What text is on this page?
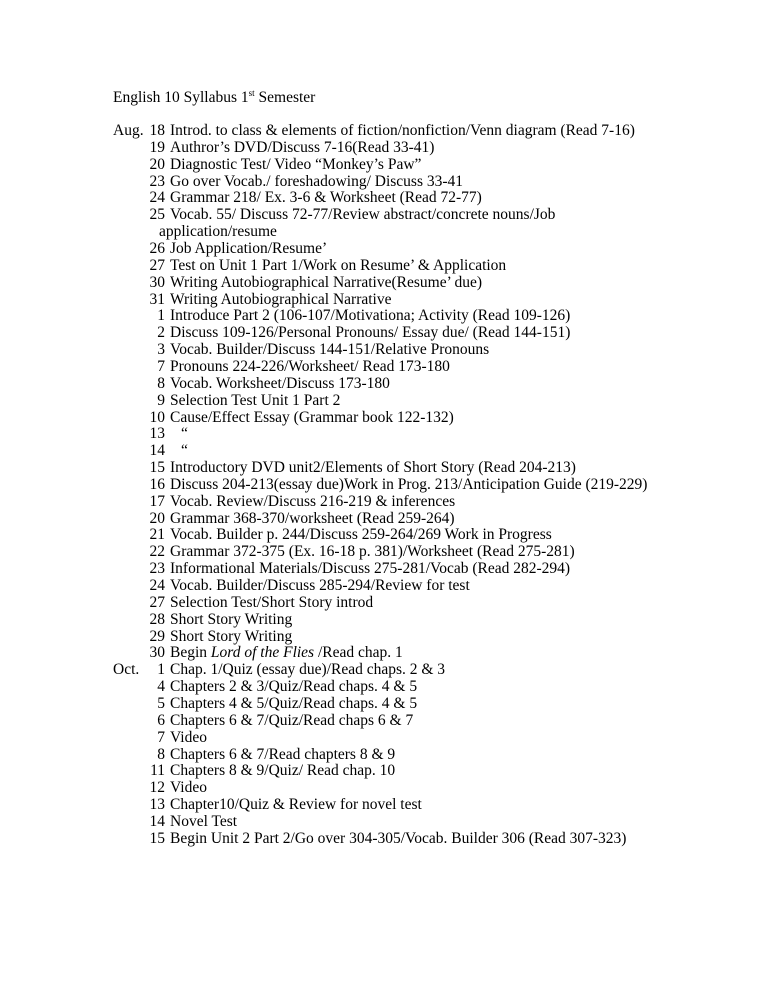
English 10 Syllabus 1st Semester
Aug. 18 Introd. to class & elements of fiction/nonfiction/Venn diagram (Read 7-16)
19 Authror’s DVD/Discuss 7-16(Read 33-41)
20 Diagnostic Test/ Video “Monkey’s Paw”
23 Go over Vocab./ foreshadowing/ Discuss 33-41
24 Grammar 218/ Ex. 3-6 & Worksheet (Read 72-77)
25 Vocab. 55/ Discuss 72-77/Review abstract/concrete nouns/Job
application/resume
26 Job Application/Resume’
27 Test on Unit 1 Part 1/Work on Resume’ & Application
30 Writing Autobiographical Narrative(Resume’ due)
31 Writing Autobiographical Narrative
1 Introduce Part 2 (106-107/Motivationa; Activity (Read 109-126)
2 Discuss 109-126/Personal Pronouns/ Essay due/ (Read 144-151)
3 Vocab. Builder/Discuss 144-151/Relative Pronouns
7 Pronouns 224-226/Worksheet/ Read 173-180
8 Vocab. Worksheet/Discuss 173-180
9 Selection Test Unit 1 Part 2
10 Cause/Effect Essay (Grammar book 122-132)
13 “
14 “
15 Introductory DVD unit2/Elements of Short Story (Read 204-213)
16 Discuss 204-213(essay due)Work in Prog. 213/Anticipation Guide (219-229)
17 Vocab. Review/Discuss 216-219 & inferences
20 Grammar 368-370/worksheet (Read 259-264)
21 Vocab. Builder p. 244/Discuss 259-264/269 Work in Progress
22 Grammar 372-375 (Ex. 16-18 p. 381)/Worksheet (Read 275-281)
23 Informational Materials/Discuss 275-281/Vocab (Read 282-294)
24 Vocab. Builder/Discuss 285-294/Review for test
27 Selection Test/Short Story introd
28 Short Story Writing
29 Short Story Writing
30 Begin Lord of the Flies /Read chap. 1
Oct.	1 Chap. 1/Quiz (essay due)/Read chaps. 2 & 3
4 Chapters 2 & 3/Quiz/Read chaps. 4 & 5
5 Chapters 4 & 5/Quiz/Read chaps. 4 & 5
6 Chapters 6 & 7/Quiz/Read chaps 6 & 7
7 Video
8 Chapters 6 & 7/Read chapters 8 & 9
11 Chapters 8 & 9/Quiz/ Read chap. 10
12 Video
13 Chapter10/Quiz & Review for novel test
14 Novel Test
15 Begin Unit 2 Part 2/Go over 304-305/Vocab. Builder 306 (Read 307-323)
